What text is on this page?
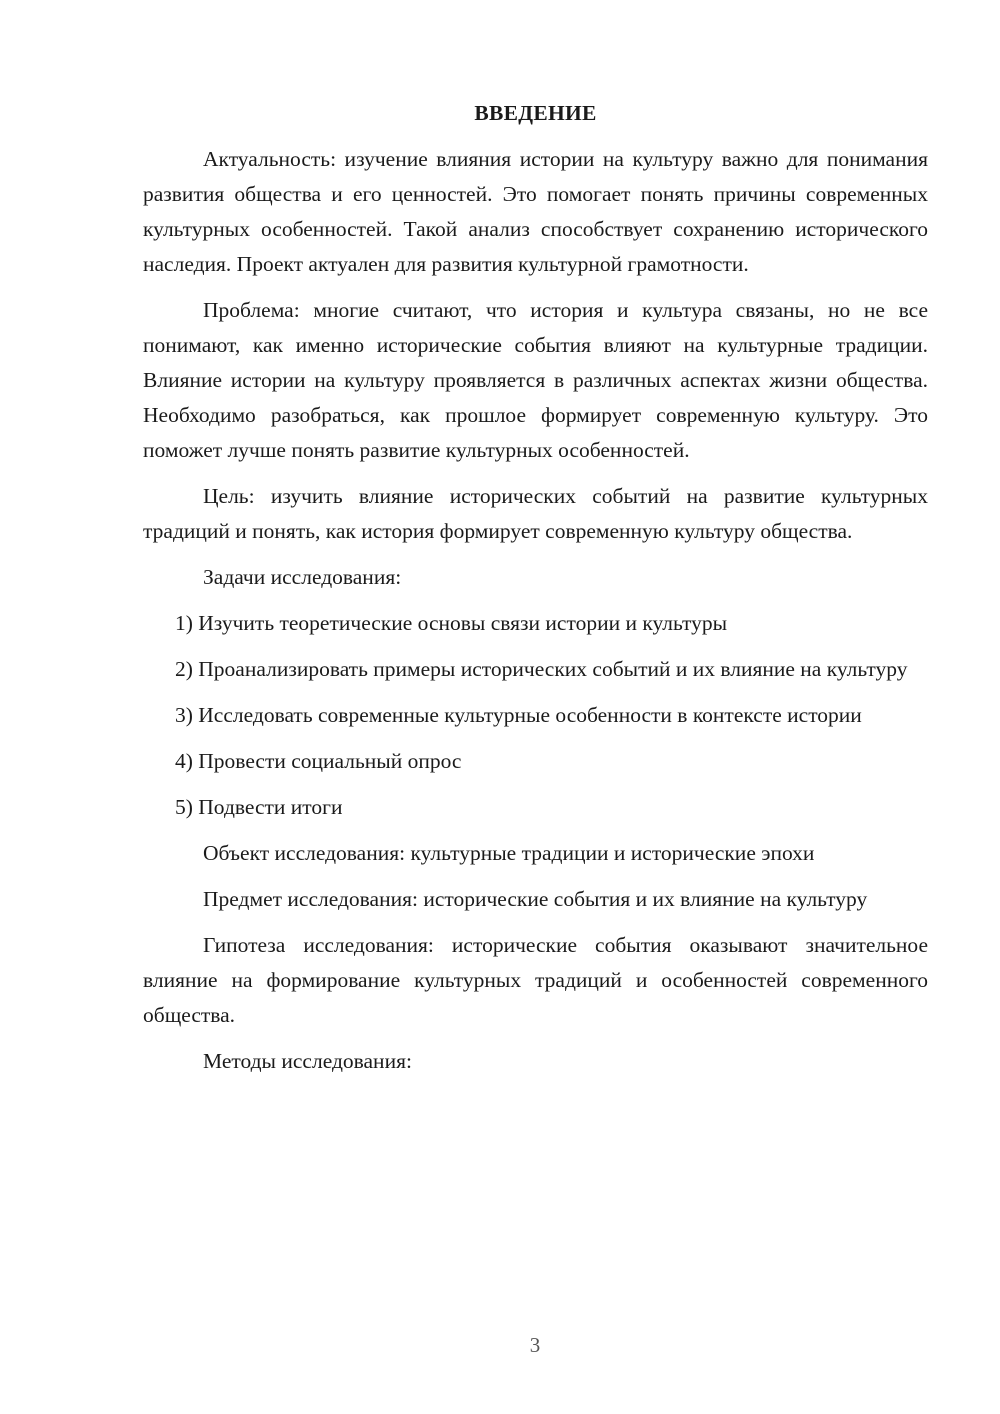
ВВЕДЕНИЕ

Актуальность: изучение влияния истории на культуру важно для понимания развития общества и его ценностей. Это помогает понять причины современных культурных особенностей. Такой анализ способствует сохранению исторического наследия. Проект актуален для развития культурной грамотности.

Проблема: многие считают, что история и культура связаны, но не все понимают, как именно исторические события влияют на культурные традиции. Влияние истории на культуру проявляется в различных аспектах жизни общества. Необходимо разобраться, как прошлое формирует современную культуру. Это поможет лучше понять развитие культурных особенностей.

Цель: изучить влияние исторических событий на развитие культурных традиций и понять, как история формирует современную культуру общества.

Задачи исследования:

1) Изучить теоретические основы связи истории и культуры

2) Проанализировать примеры исторических событий и их влияние на культуру

3) Исследовать современные культурные особенности в контексте истории

4) Провести социальный опрос

5) Подвести итоги

Объект исследования: культурные традиции и исторические эпохи

Предмет исследования: исторические события и их влияние на культуру

Гипотеза исследования: исторические события оказывают значительное влияние на формирование культурных традиций и особенностей современного общества.

Методы исследования:

3
